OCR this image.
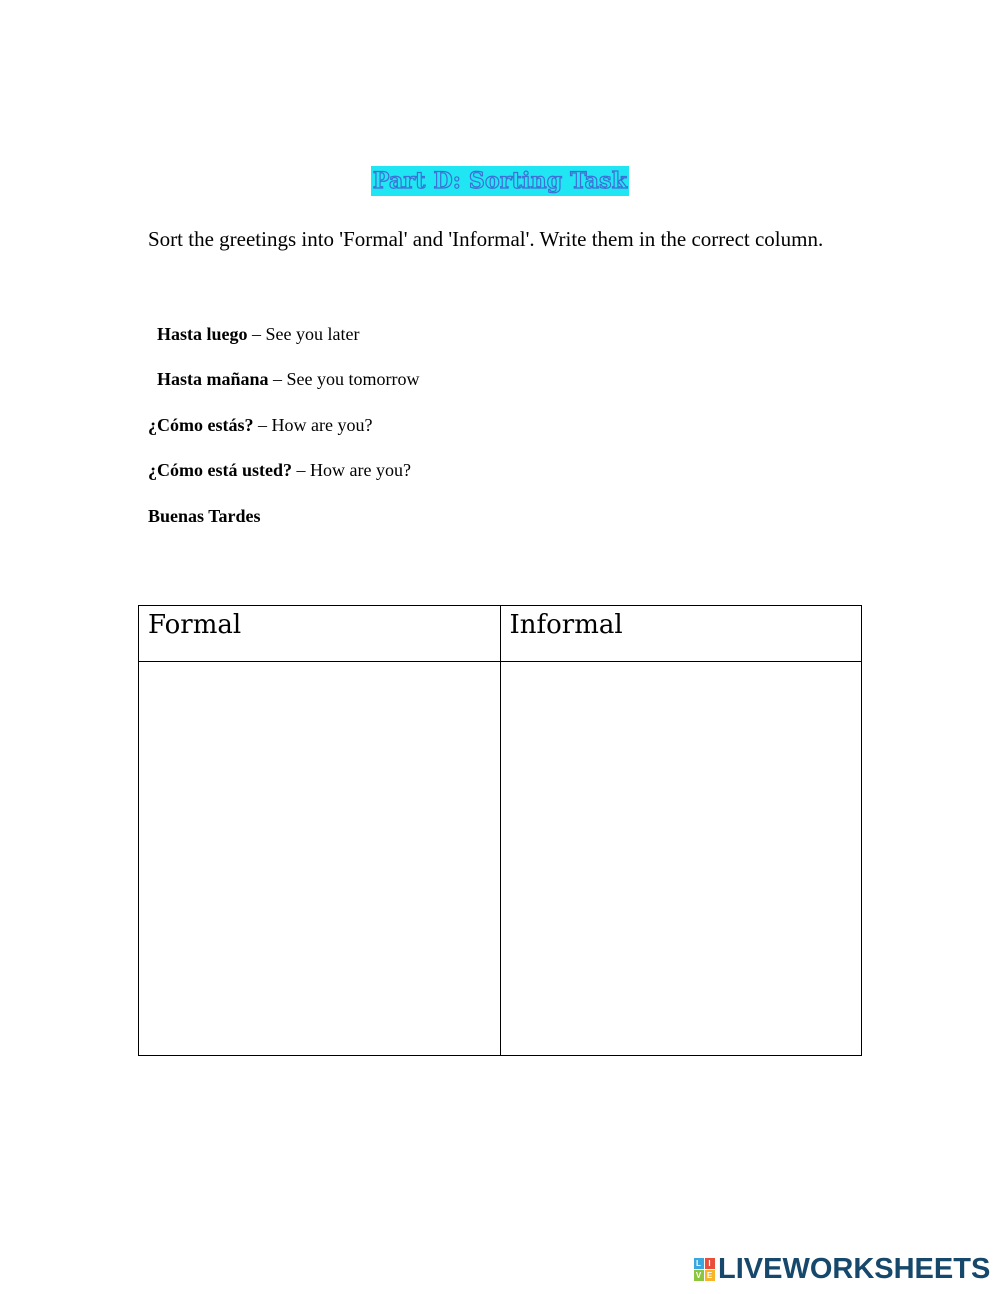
Part D: Sorting Task

Sort the greetings into 'Formal' and 'Informal'. Write them in the correct column.

Hasta luego – See you later
Hasta mañana – See you tomorrow
¿Cómo estás? – How are you?
¿Cómo está usted? – How are you?
Buenas Tardes
Formal	Informal

L I
V E LIVEWORKSHEETS
